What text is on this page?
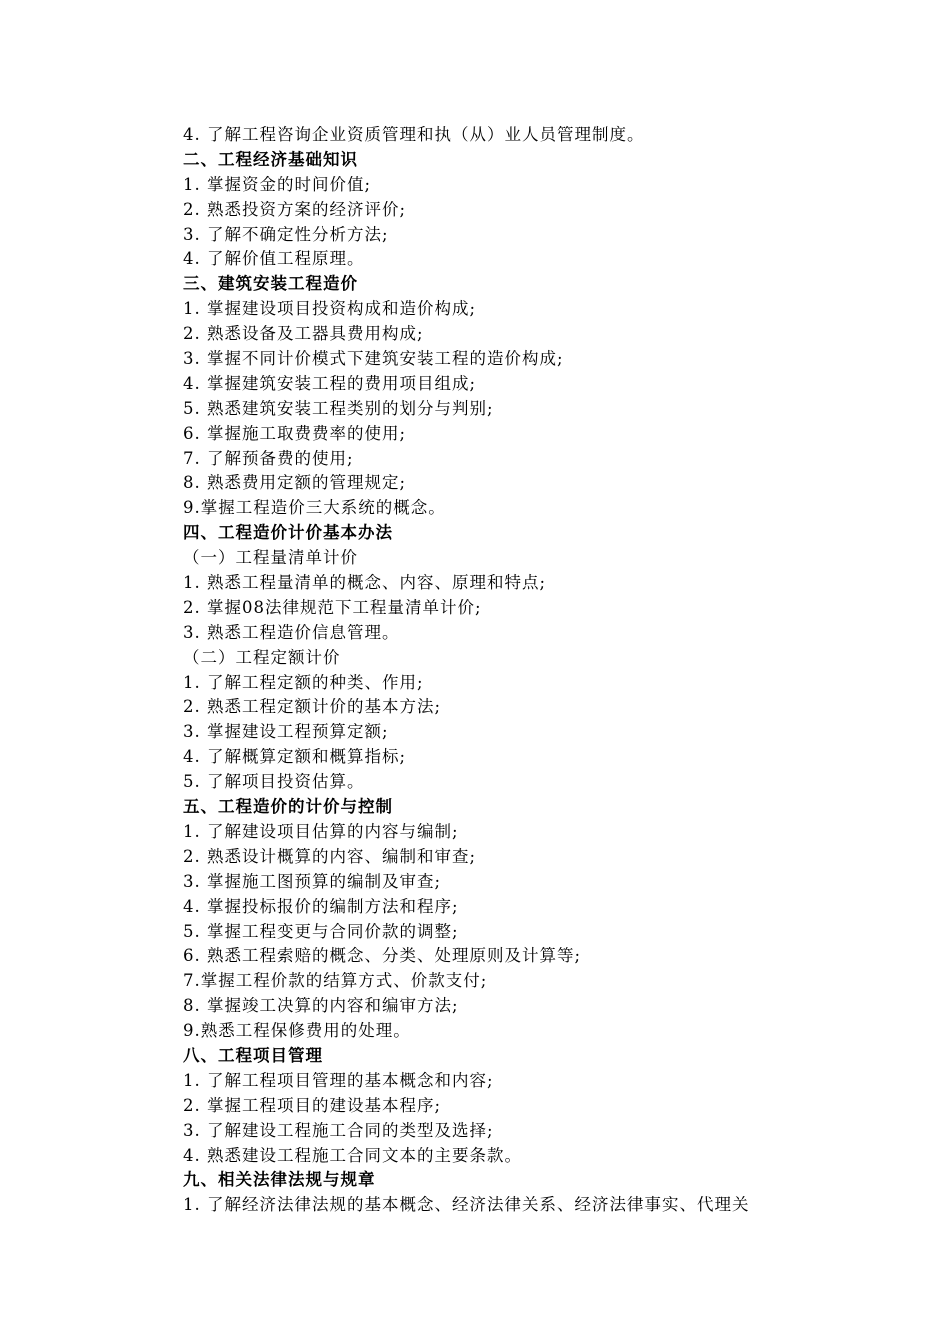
4. 了解工程咨询企业资质管理和执（从）业人员管理制度。
二、工程经济基础知识
1. 掌握资金的时间价值;
2. 熟悉投资方案的经济评价;
3. 了解不确定性分析方法;
4. 了解价值工程原理。
三、建筑安装工程造价
1. 掌握建设项目投资构成和造价构成;
2. 熟悉设备及工器具费用构成;
3. 掌握不同计价模式下建筑安装工程的造价构成;
4. 掌握建筑安装工程的费用项目组成;
5. 熟悉建筑安装工程类别的划分与判别;
6. 掌握施工取费费率的使用;
7. 了解预备费的使用;
8. 熟悉费用定额的管理规定;
9.掌握工程造价三大系统的概念。
四、工程造价计价基本办法
（一）工程量清单计价
1. 熟悉工程量清单的概念、内容、原理和特点;
2. 掌握08法律规范下工程量清单计价;
3. 熟悉工程造价信息管理。
（二）工程定额计价
1. 了解工程定额的种类、作用;
2. 熟悉工程定额计价的基本方法;
3. 掌握建设工程预算定额;
4. 了解概算定额和概算指标;
5. 了解项目投资估算。
五、工程造价的计价与控制
1. 了解建设项目估算的内容与编制;
2. 熟悉设计概算的内容、编制和审查;
3. 掌握施工图预算的编制及审查;
4. 掌握投标报价的编制方法和程序;
5. 掌握工程变更与合同价款的调整;
6. 熟悉工程索赔的概念、分类、处理原则及计算等;
7.掌握工程价款的结算方式、价款支付;
8. 掌握竣工决算的内容和编审方法;
9.熟悉工程保修费用的处理。
八、工程项目管理
1. 了解工程项目管理的基本概念和内容;
2. 掌握工程项目的建设基本程序;
3. 了解建设工程施工合同的类型及选择;
4. 熟悉建设工程施工合同文本的主要条款。
九、相关法律法规与规章
1. 了解经济法律法规的基本概念、经济法律关系、经济法律事实、代理关
